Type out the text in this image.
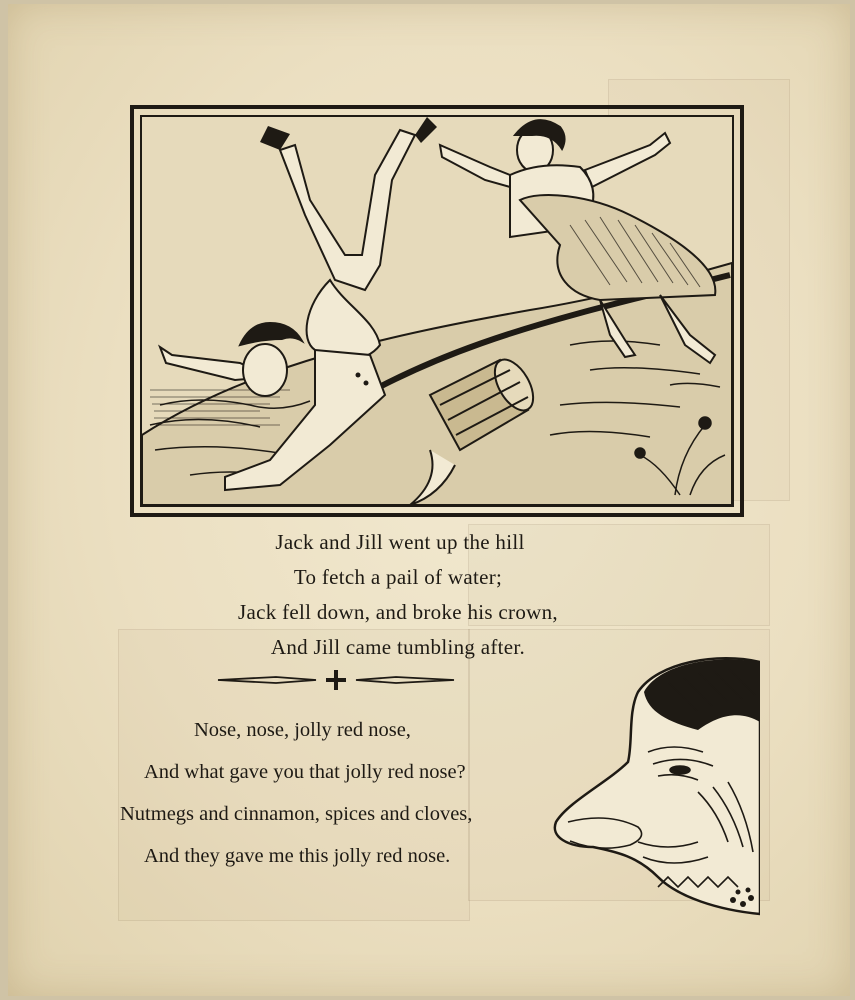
Jack and Jill went up the hill
To fetch a pail of water;
Jack fell down, and broke his crown,
And Jill came tumbling after.
Nose, nose, jolly red nose,
And what gave you that jolly red nose?
Nutmegs and cinnamon, spices and cloves,
And they gave me this jolly red nose.
